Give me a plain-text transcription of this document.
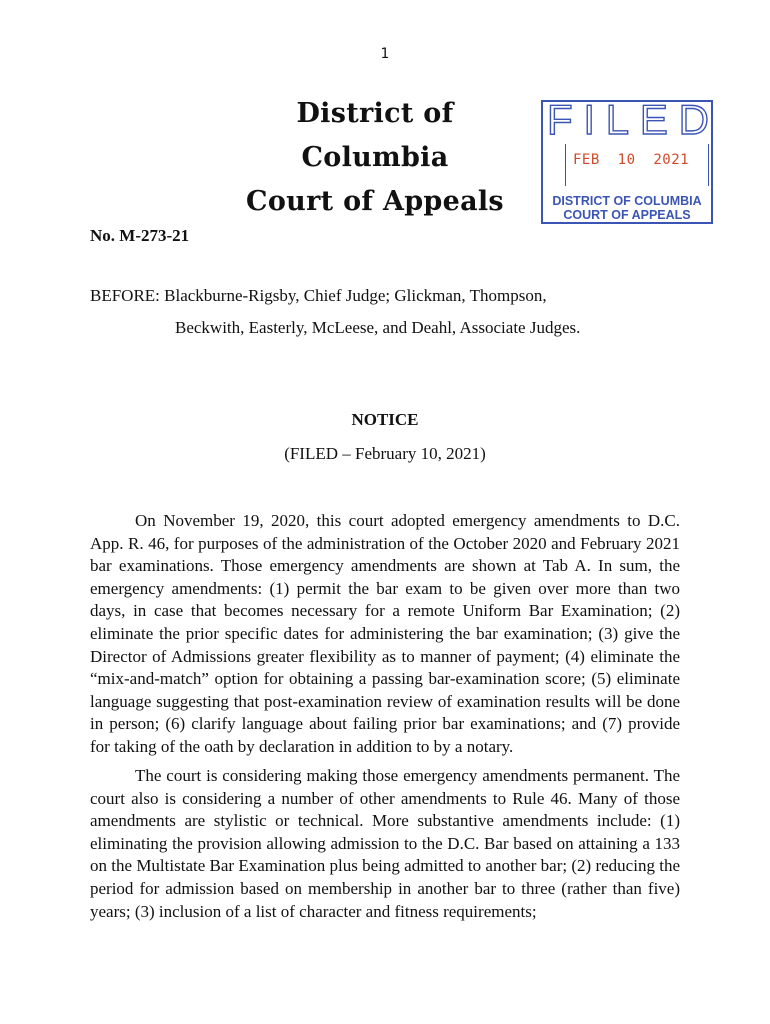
1
District of Columbia
Court of Appeals
F I L E D
FEB  10  2021
DISTRICT OF COLUMBIA
COURT OF APPEALS
No. M-273-21
BEFORE: Blackburne-Rigsby, Chief Judge; Glickman, Thompson,
Beckwith, Easterly, McLeese, and Deahl, Associate Judges.
NOTICE
(FILED – February 10, 2021)

On November 19, 2020, this court adopted emergency amendments to D.C. App. R. 46, for purposes of the administration of the October 2020 and February 2021 bar examinations. Those emergency amendments are shown at Tab A. In sum, the emergency amendments: (1) permit the bar exam to be given over more than two days, in case that becomes necessary for a remote Uniform Bar Examination; (2) eliminate the prior specific dates for administering the bar examination; (3) give the Director of Admissions greater flexibility as to manner of payment; (4) eliminate the “mix-and-match” option for obtaining a passing bar-examination score; (5) eliminate language suggesting that post-examination review of examination results will be done in person; (6) clarify language about failing prior bar examinations; and (7) provide for taking of the oath by declaration in addition to by a notary.

The court is considering making those emergency amendments permanent. The court also is considering a number of other amendments to Rule 46. Many of those amendments are stylistic or technical. More substantive amendments include: (1) eliminating the provision allowing admission to the D.C. Bar based on attaining a 133 on the Multistate Bar Examination plus being admitted to another bar; (2) reducing the period for admission based on membership in another bar to three (rather than five) years; (3) inclusion of a list of character and fitness requirements;
